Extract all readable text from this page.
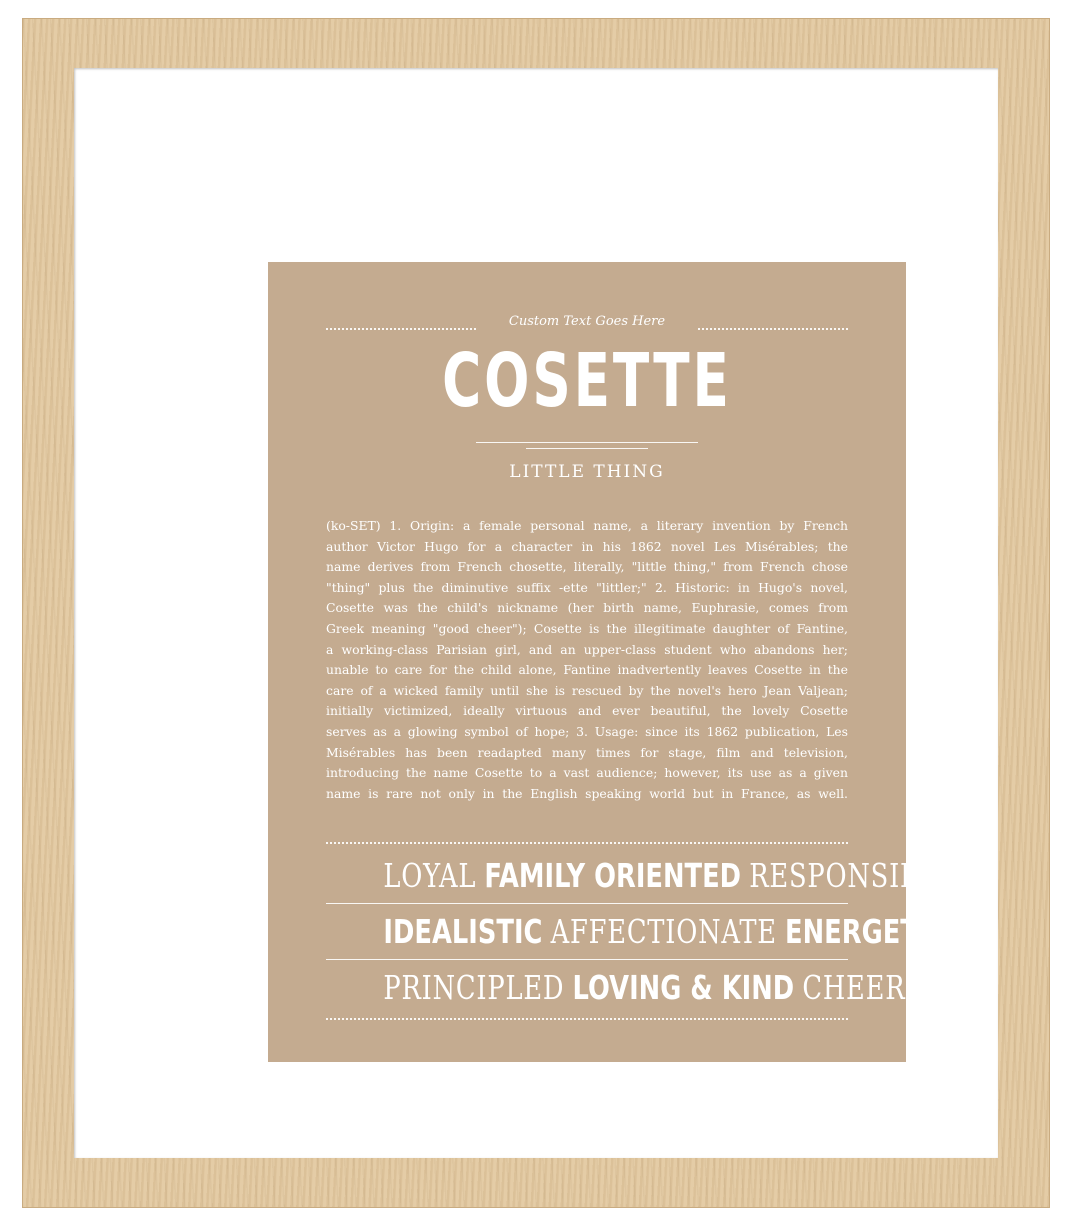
Custom Text Goes Here
COSETTE
LITTLE THING
(ko-SET) 1. Origin: a female personal name, a literary invention by French
author Victor Hugo for a character in his 1862 novel Les Misérables; the
name derives from French chosette, literally, "little thing," from French chose
"thing" plus the diminutive suffix -ette "littler;" 2. Historic: in Hugo's novel,
Cosette was the child's nickname (her birth name, Euphrasie, comes from
Greek meaning "good cheer"); Cosette is the illegitimate daughter of Fantine,
a working-class Parisian girl, and an upper-class student who abandons her;
unable to care for the child alone, Fantine inadvertently leaves Cosette in the
care of a wicked family until she is rescued by the novel's hero Jean Valjean;
initially victimized, ideally virtuous and ever beautiful, the lovely Cosette
serves as a glowing symbol of hope; 3. Usage: since its 1862 publication, Les
Misérables has been readapted many times for stage, film and television,
introducing the name Cosette to a vast audience; however, its use as a given
name is rare not only in the English speaking world but in France, as well.
LOYAL FAMILY ORIENTED RESPONSIBLE
IDEALISTIC AFFECTIONATE ENERGETIC
PRINCIPLED LOVING & KIND CHEERFUL
